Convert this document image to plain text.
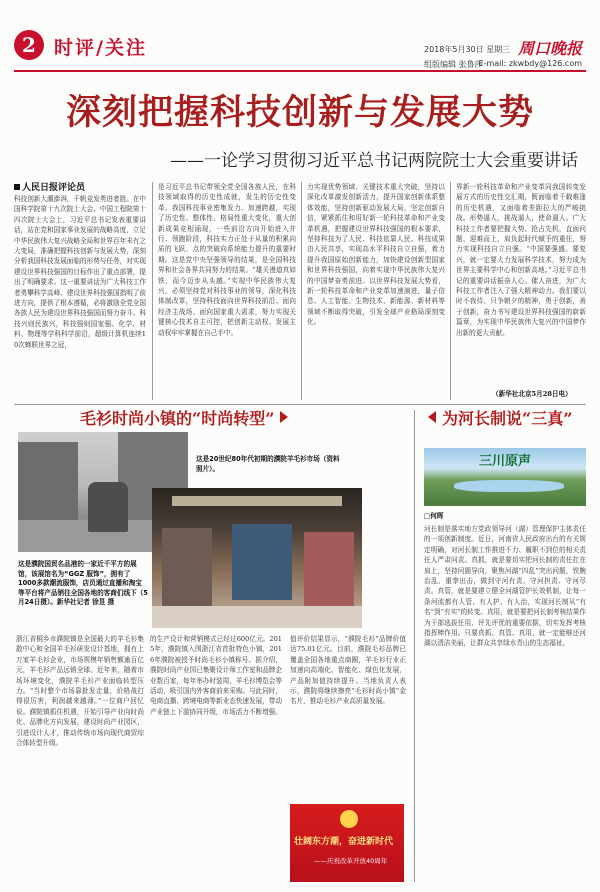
2 时评/关注	2018年5月30日 星期三
组版编辑 张鲁莎
周口晚报
E-mail: zkwbdy@126.com
深刻把握科技创新与发展大势
——一论学习贯彻习近平总书记两院院士大会重要讲话
人民日报评论员
科技创新大潮澎湃，千帆竞发勇进者胜。在中国科学院第十九次院士大会、中国工程院第十四次院士大会上，习近平总书记发表重要讲话，站在党和国家事业发展的战略高度，立足中华民族伟大复兴战略全局和世界百年未有之大变局，准确把握科技创新与发展大势，深刻分析我国科技发展面临的形势与任务，对实现建设世界科技强国的目标作出了重点部署，提出了明确要求。这一重要讲话为广大科技工作者勇攀科学高峰、建设世界科技强国指明了前进方向，提供了根本遵循，必将激励全党全国各族人民为建设世界科技强国而努力奋斗。科技兴则民族兴，科技强则国家强。化学、材料、物理等学科科学前沿，超级计算机连续10次蝉联世界之冠，
是习近平总书记带领全党全国各族人民，在科技领域取得的历史性成就，发生的历史性变革。我国科技事业密集发力、加速跨越，实现了历史性、整体性、格局性重大变化，重大创新成果竞相涌现，一些前沿方向开始进入并行、领跑阶段，科技实力正处于从量的积累向质的飞跃、点的突破向系统能力提升的重要时期。这是党中央坚强领导的结果，是全国科技界和社会各界共同努力的结果。“雄关漫道真如铁，而今迈步从头越。”实现中华民族伟大复兴，必须坚持党对科技事业的领导，深化科技体制改革，坚持科技面向世界科技前沿、面向经济主战场、面向国家重大需求，努力实现关键核心技术自主可控，把创新主动权、发展主动权牢牢掌握在自己手中。
力实现优势领域、关键技术重大突破，坚持以深化改革激发创新活力，提升国家创新体系整体效能，坚持创新驱动发展大局，坚定创新自信，紧紧抓住和用好新一轮科技革命和产业变革机遇，把握建设世界科技强国的根本要求，坚持科技为了人民、科技依靠人民、科技成果由人民共享，实现高水平科技自立自强，着力提升我国原始创新能力，加快建设创新型国家和世界科技强国，向着实现中华民族伟大复兴的中国梦奋勇前进。以世界科技发展大势看，新一轮科技革命和产业变革加速演进，量子信息、人工智能、生物技术、新能源、新材料等领域不断取得突破，引发全球产业格局深刻变化。
界新一轮科技革命和产业变革同我国转变发展方式的历史性交汇期，既面临着千载难逢的历史机遇，又面临着差距拉大的严峻挑战。形势逼人，挑战逼人，使命逼人。广大科技工作者要把握大势、抢占先机，直面问题、迎难而上，肩负起时代赋予的重任，努力实现科技自立自强。“中国要强盛、要复兴，就一定要大力发展科学技术，努力成为世界主要科学中心和创新高地。”习近平总书记的重要讲话振奋人心、催人奋进，为广大科技工作者注入了强大精神动力。我们要以时不我待、只争朝夕的精神，勇于创新，善于创新，奋力书写建设世界科技强国的崭新篇章，为实现中华民族伟大复兴的中国梦作出新的更大贡献。
（新华社北京5月28日电）
毛衫时尚小镇的“时尚转型”
这是20世纪80年代初期的濮院羊毛衫市场（资料照片）。
这是濮院国贸名品港的一家近千平方的展馆，该展馆名为“GGZ 服饰”，拥有了1000多款潮流服饰，店员通过直播和淘宝等平台将产品销往全国各地的客商们线下（5月24日摄）。新华社记者 徐昱 摄
浙江省桐乡市濮院镇是全国最大的羊毛衫集散中心和全国羊毛衫研发设计基地，拥有上万家羊毛衫企业，市场规模年销售额逾百亿元，羊毛衫产品远销全球。近年来，随着市场环境变化，濮院羊毛衫产业面临转型压力。“当时整个市场靠批发走量，价格战打得很厉害，利润越来越薄。”一位商户回忆说。濮院镇抓住机遇，开始引导产业向时尚化、品牌化方向发展，建设时尚产业园区，引进设计人才，推动传统市场向现代商贸综合体转型升级。
的生产设计和营销模式已经过600亿元。2015年，濮院镇入围浙江省首批特色小镇，2016年濮院被授予时尚毛衫小镇称号。据介绍，濮院时尚产业园已集聚设计师工作室和品牌企业数百家，每年举办时装周、羊毛衫博览会等活动，吸引国内外客商前来采购。与此同时，电商直播、跨境电商等新业态快速发展，带动产业链上下游协同升级，市场活力不断增强。
值评价结果显示，“濮院毛衫”品牌价值达75.01亿元。目前，濮院毛衫品牌已覆盖全国各地重点商圈，羊毛衫行业正加速向高端化、智能化、绿色化发展，产品附加值持续提升。当地负责人表示，濮院将继续擦亮“毛衫时尚小镇”金名片，推动毛衫产业高质量发展。
壮阔东方潮，奋进新时代
——庆祝改革开放40周年
为河长制说“三真”
三川原声
□何晖
河长制是落实地方党政领导河（湖）管理保护主体责任的一项创新制度。近日，河南省人民政府出台的有关规定明确，对河长制工作推进不力、履职不到位的相关责任人严肃问责。真抓，就是要切实把河长制的责任扛在肩上，坚持问题导向，聚焦河湖“四乱”突出问题，铁腕治乱、重拳出击，做到守河有责、守河担责、守河尽责。真管，就是要建立健全河湖管护长效机制，让每一条河流都有人管、有人护、有人治，实现河长制从“有名”到“有实”的转变。真用，就是要把河长制考核结果作为干部选拔任用、评先评优的重要依据，切实发挥考核指挥棒作用。只要真抓、真管、真用，就一定能够还河湖以清洁美丽，让群众共享绿水青山的生态福祉。
